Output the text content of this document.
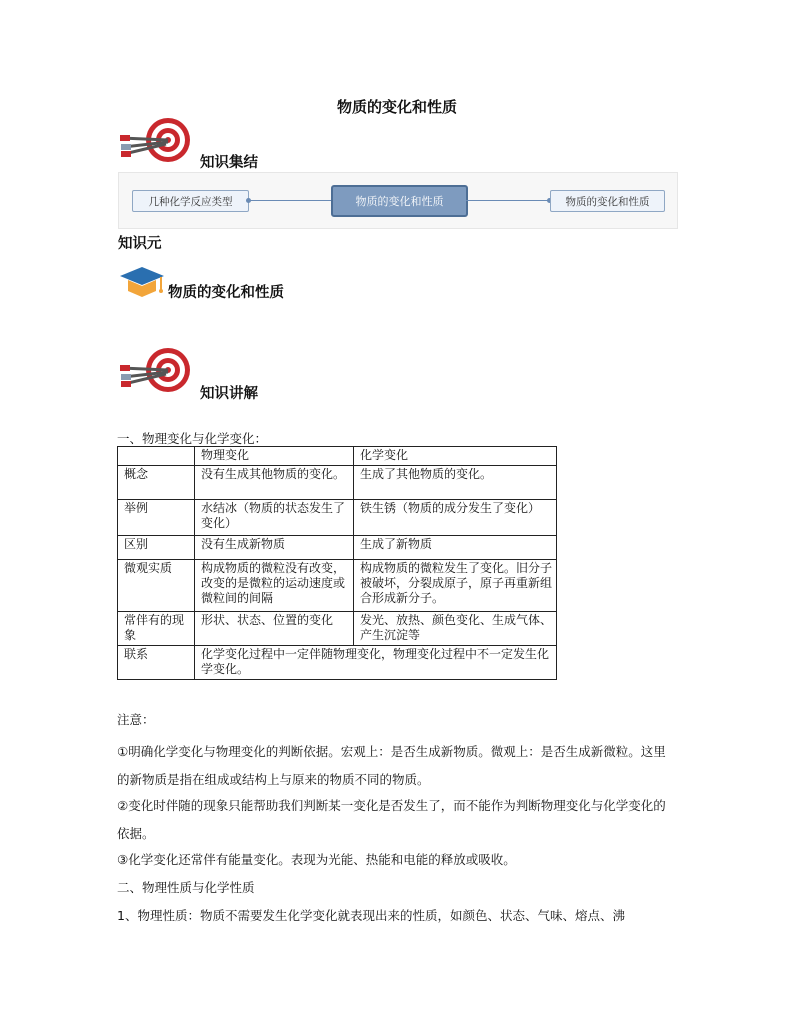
物质的变化和性质
知识集结
几种化学反应类型	物质的变化和性质	物质的变化和性质
知识元
物质的变化和性质
知识讲解
一、物理变化与化学变化：
	物理变化	化学变化
概念	没有生成其他物质的变化。	生成了其他物质的变化。
举例	水结冰（物质的状态发生了变化）	铁生锈（物质的成分发生了变化）
区别	没有生成新物质	生成了新物质
微观实质	构成物质的微粒没有改变，改变的是微粒的运动速度或微粒间的间隔	构成物质的微粒发生了变化。旧分子被破坏，分裂成原子，原子再重新组合形成新分子。
常伴有的现象	形状、状态、位置的变化	发光、放热、颜色变化、生成气体、产生沉淀等
联系	化学变化过程中一定伴随物理变化，物理变化过程中不一定发生化学变化。	
注意：
①明确化学变化与物理变化的判断依据。宏观上：是否生成新物质。微观上：是否生成新微粒。这里的新物质是指在组成或结构上与原来的物质不同的物质。
②变化时伴随的现象只能帮助我们判断某一变化是否发生了，而不能作为判断物理变化与化学变化的依据。
③化学变化还常伴有能量变化。表现为光能、热能和电能的释放或吸收。
二、物理性质与化学性质
1、物理性质：物质不需要发生化学变化就表现出来的性质，如颜色、状态、气味、熔点、沸
